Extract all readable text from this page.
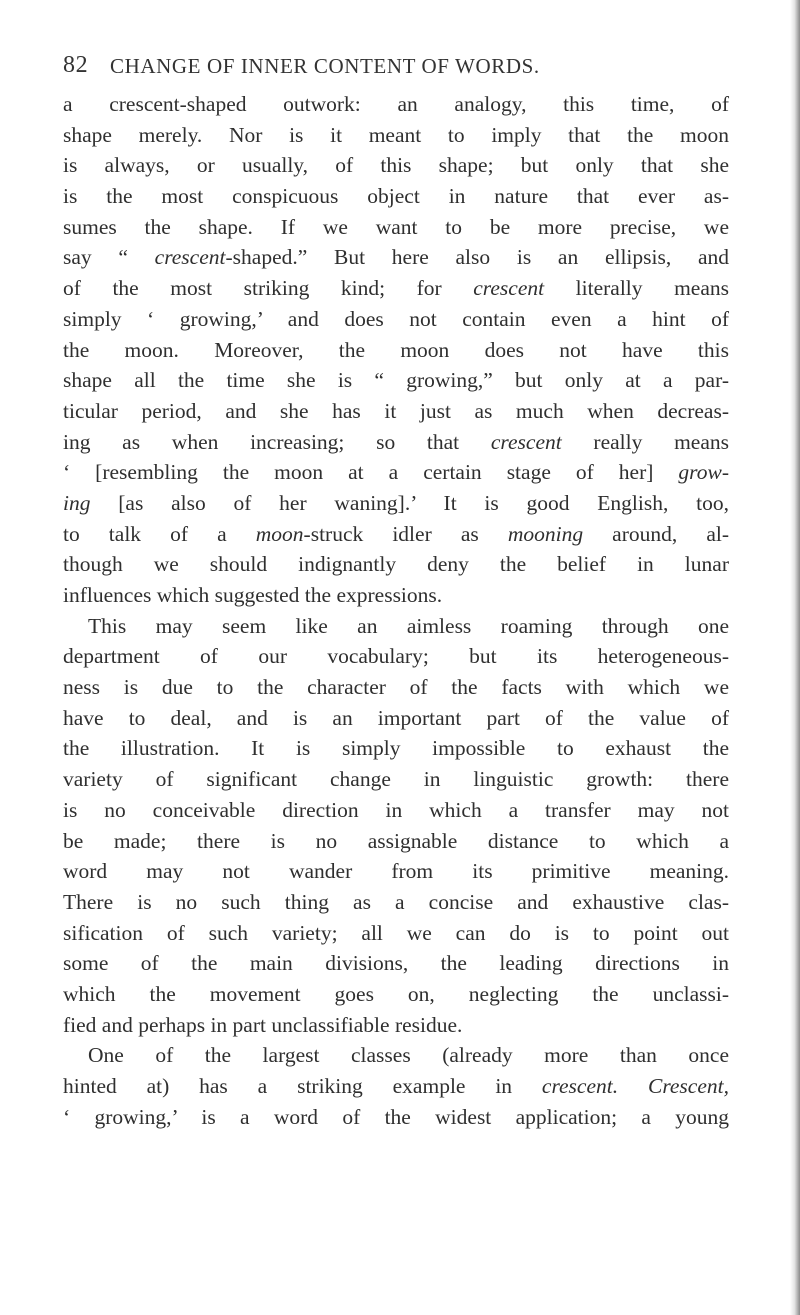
82 CHANGE OF INNER CONTENT OF WORDS.
a crescent-shaped outwork: an analogy, this time, of
shape merely. Nor is it meant to imply that the moon
is always, or usually, of this shape; but only that she
is the most conspicuous object in nature that ever as-
sumes the shape. If we want to be more precise, we
say “ crescent-shaped.” But here also is an ellipsis, and
of the most striking kind; for crescent literally means
simply ‘ growing,’ and does not contain even a hint of
the moon. Moreover, the moon does not have this
shape all the time she is “ growing,” but only at a par-
ticular period, and she has it just as much when decreas-
ing as when increasing; so that crescent really means
‘ [resembling the moon at a certain stage of her] grow-
ing [as also of her waning].’ It is good English, too,
to talk of a moon-struck idler as mooning around, al-
though we should indignantly deny the belief in lunar
influences which suggested the expressions.
This may seem like an aimless roaming through one
department of our vocabulary; but its heterogeneous-
ness is due to the character of the facts with which we
have to deal, and is an important part of the value of
the illustration. It is simply impossible to exhaust the
variety of significant change in linguistic growth: there
is no conceivable direction in which a transfer may not
be made; there is no assignable distance to which a
word may not wander from its primitive meaning.
There is no such thing as a concise and exhaustive clas-
sification of such variety; all we can do is to point out
some of the main divisions, the leading directions in
which the movement goes on, neglecting the unclassi-
fied and perhaps in part unclassifiable residue.
One of the largest classes (already more than once
hinted at) has a striking example in crescent. Crescent,
‘ growing,’ is a word of the widest application; a young
